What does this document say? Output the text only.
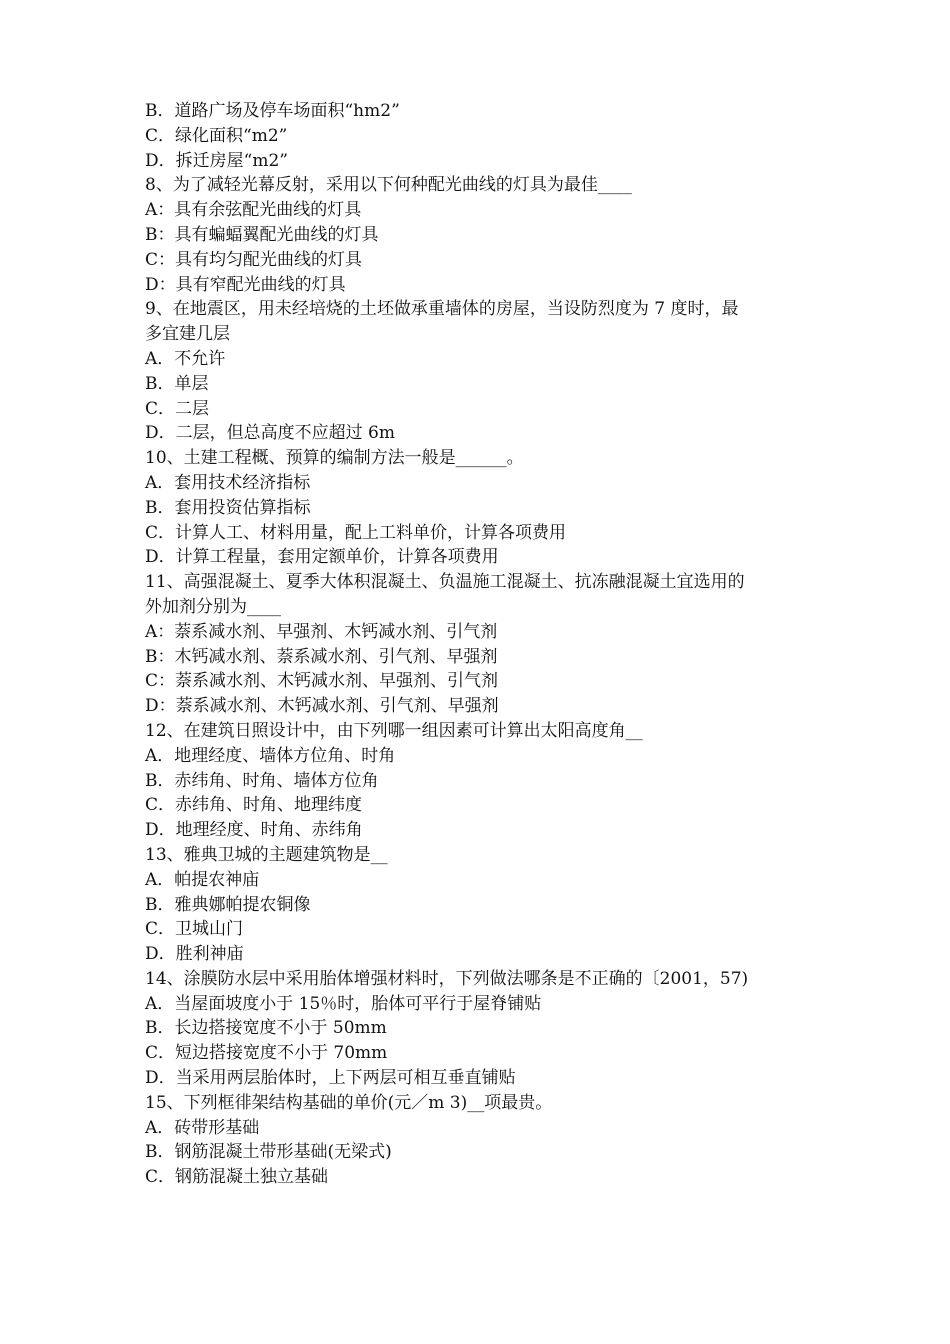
B．道路广场及停车场面积“hm2”

C．绿化面积“m2”

D．拆迁房屋“m2”

8、为了减轻光幕反射，采用以下何种配光曲线的灯具为最佳____

A：具有余弦配光曲线的灯具

B：具有蝙蝠翼配光曲线的灯具

C：具有均匀配光曲线的灯具

D：具有窄配光曲线的灯具

9、在地震区，用未经培烧的土坯做承重墙体的房屋，当设防烈度为 7 度时，最

多宜建几层

A．不允许

B．单层

C．二层

D．二层，但总高度不应超过 6m

10、土建工程概、预算的编制方法一般是______。

A．套用技术经济指标

B．套用投资估算指标

C．计算人工、材料用量，配上工料单价，计算各项费用

D．计算工程量，套用定额单价，计算各项费用

11、高强混凝土、夏季大体积混凝土、负温施工混凝土、抗冻融混凝土宜选用的

外加剂分别为____

A：萘系减水剂、早强剂、木钙减水剂、引气剂

B：木钙减水剂、萘系减水剂、引气剂、早强剂

C：萘系减水剂、木钙减水剂、早强剂、引气剂

D：萘系减水剂、木钙减水剂、引气剂、早强剂

12、在建筑日照设计中，由下列哪一组因素可计算出太阳高度角__

A．地理经度、墙体方位角、时角

B．赤纬角、时角、墙体方位角

C．赤纬角、时角、地理纬度

D．地理经度、时角、赤纬角

13、雅典卫城的主题建筑物是__

A．帕提农神庙

B．雅典娜帕提农铜像

C．卫城山门

D．胜利神庙

14、涂膜防水层中采用胎体增强材料时，下列做法哪条是不正确的〔2001，57)

A．当屋面坡度小于 15％时，胎体可平行于屋脊铺贴

B．长边搭接宽度不小于 50mm

C．短边搭接宽度不小于 70mm

D．当采用两层胎体时，上下两层可相互垂直铺贴

15、下列框徘架结构基础的单价(元／m 3)__项最贵。

A．砖带形基础

B．钢筋混凝土带形基础(无梁式)

C．钢筋混凝土独立基础
